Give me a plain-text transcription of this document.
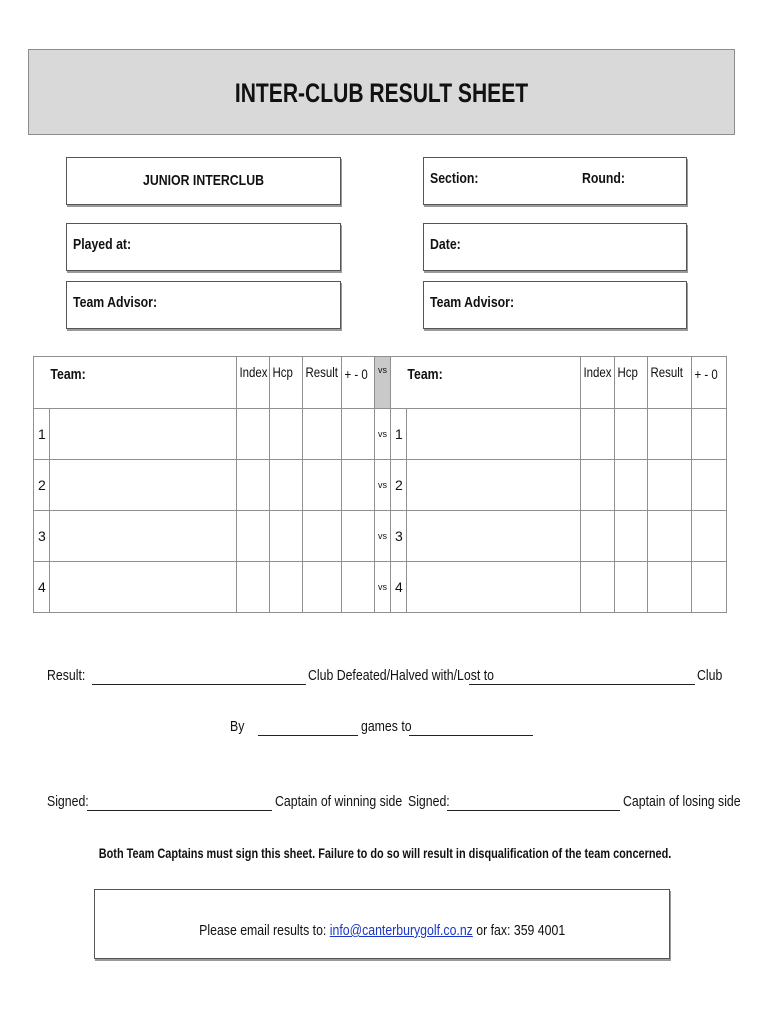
INTER-CLUB RESULT SHEET
JUNIOR INTERCLUB	Section:	Round:
Played at:	Date:
Team Advisor:	Team Advisor:
Team:		Index	Hcp	Result	+ - 0	vs	Team:		Index	Hcp	Result	+ - 0

1						vs	1					

2						vs	2					

3						vs	3					

4						vs	4					

Result:	Club Defeated/Halved with/Lost to	Club
By	games to
Signed:	Captain of winning side Signed:	Captain of losing side
Both Team Captains must sign this sheet. Failure to do so will result in disqualification of the team concerned.
Please email results to: info@canterburygolf.co.nz or fax: 359 4001
